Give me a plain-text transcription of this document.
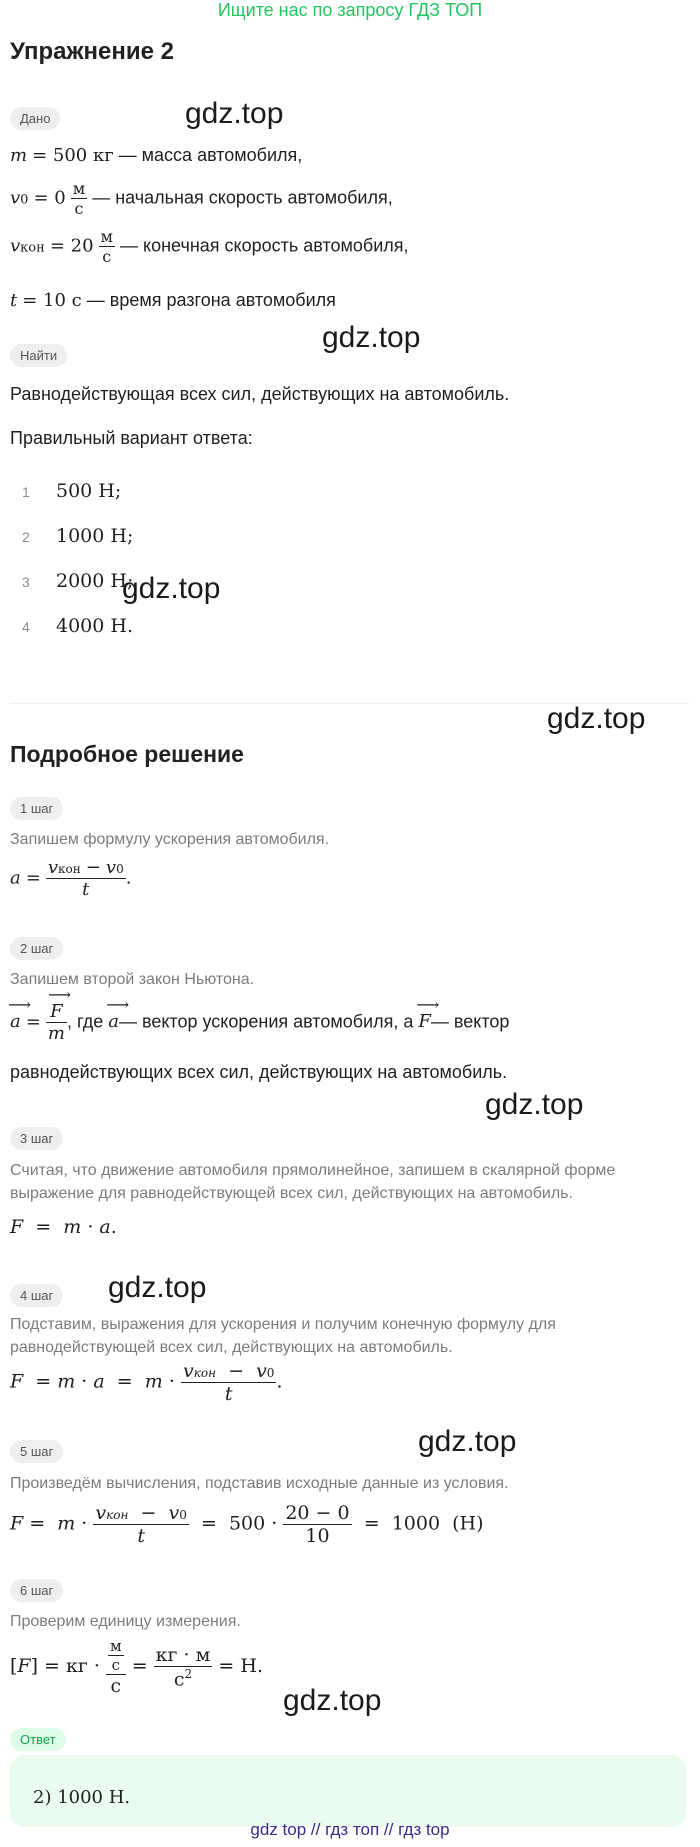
Ищите нас по запросу ГДЗ ТОП
Упражнение 2
Дано	gdz.top
m = 500 кг — масса автомобиля,
$v0 = 0 \frac{м}{с}$ — начальная скорость автомобиля,
vкон = $20 \frac{м}{с}$ — конечная скорость автомобиля,
t = 10 с — время разгона автомобиля
Найти
gdz.top
Равнодействующая всех сил, действующих на автомобиль.
Правильный вариант ответа:
1 500 Н;
2 1000 Н;
3 2000 Н;
4 4000 Н.
gdz.top
gdz.top
Подробное решение
1 шаг
Запишем формулу ускорения автомобиля.
$a = \frac{\text{vкон − v0}}{t}$ .
2 шаг
Запишем второй закон Ньютона.
⟶ a = ⟶ $\frac{F}{m}$ , где ⟶ a— вектор ускорения автомобиля, а ⟶ F— вектор
равнодействующих всех сил, действующих на автомобиль.
gdz.top
3 шаг
Считая, что движение автомобиля прямолинейное, запишем в скалярной форме выражение для равнодействующей всех сил, действующих на автомобиль.
F  =  m · a.
4 шаг	gdz.top
Подставим, выражения для ускорения и получим конечную формулу для равнодействующей всех сил, действующих на автомобиль.
$F = m \cdot a = m \cdot \frac{\text{vкон  −  v0}}{t}$ .
5 шаг	gdz.top
Произведём вычисления, подставив исходные данные из условия.
$F = m \cdot \frac{\text{vкон  −  v0}}{t} = 500 \cdot \frac{20 - 0}{10} = 1000$  (Н)
6 шаг
Проверим единицу измерения.
[F] = кг · $\frac{\frac{м}{с}}{с} = \frac{кг \cdot м}{с^2} = Н$.
gdz.top
Ответ
2) 1000 Н.
gdz top // гдз топ // гдз top
